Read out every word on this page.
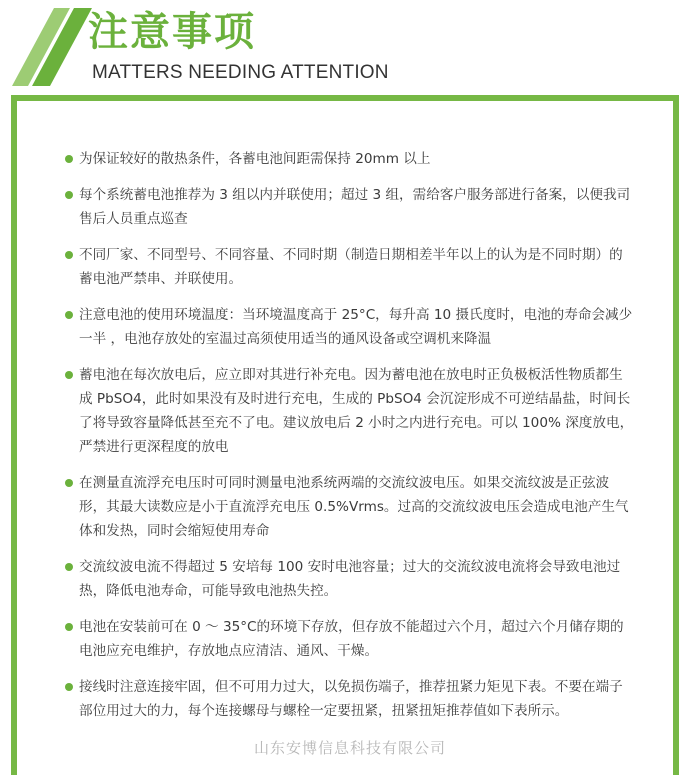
注意事项
MATTERS NEEDING ATTENTION
为保证较好的散热条件，各蓄电池间距需保持 20mm 以上
每个系统蓄电池推荐为 3 组以内并联使用；超过 3 组，需给客户服务部进行备案，以便我司售后人员重点巡查
不同厂家、不同型号、不同容量、不同时期（制造日期相差半年以上的认为是不同时期）的蓄电池严禁串、并联使用。
注意电池的使用环境温度：当环境温度高于 25°C，每升高 10 摄氏度时，电池的寿命会减少一半 ，电池存放处的室温过高须使用适当的通风设备或空调机来降温
蓄电池在每次放电后，应立即对其进行补充电。因为蓄电池在放电时正负极板活性物质都生成 PbSO4，此时如果没有及时进行充电，生成的 PbSO4 会沉淀形成不可逆结晶盐，时间长了将导致容量降低甚至充不了电。建议放电后 2 小时之内进行充电。可以 100% 深度放电，严禁进行更深程度的放电
在测量直流浮充电压时可同时测量电池系统两端的交流纹波电压。如果交流纹波是正弦波形，其最大读数应是小于直流浮充电压 0.5%Vrms。过高的交流纹波电压会造成电池产生气体和发热，同时会缩短使用寿命
交流纹波电流不得超过 5 安培每 100 安时电池容量；过大的交流纹波电流将会导致电池过热，降低电池寿命，可能导致电池热失控。
电池在安装前可在 0 ～ 35°C的环境下存放，但存放不能超过六个月，超过六个月储存期的电池应充电维护，存放地点应清洁、通风、干燥。
接线时注意连接牢固，但不可用力过大，以免损伤端子，推荐扭紧力矩见下表。不要在端子部位用过大的力，每个连接螺母与螺栓一定要扭紧，扭紧扭矩推荐值如下表所示。
山东安博信息科技有限公司
